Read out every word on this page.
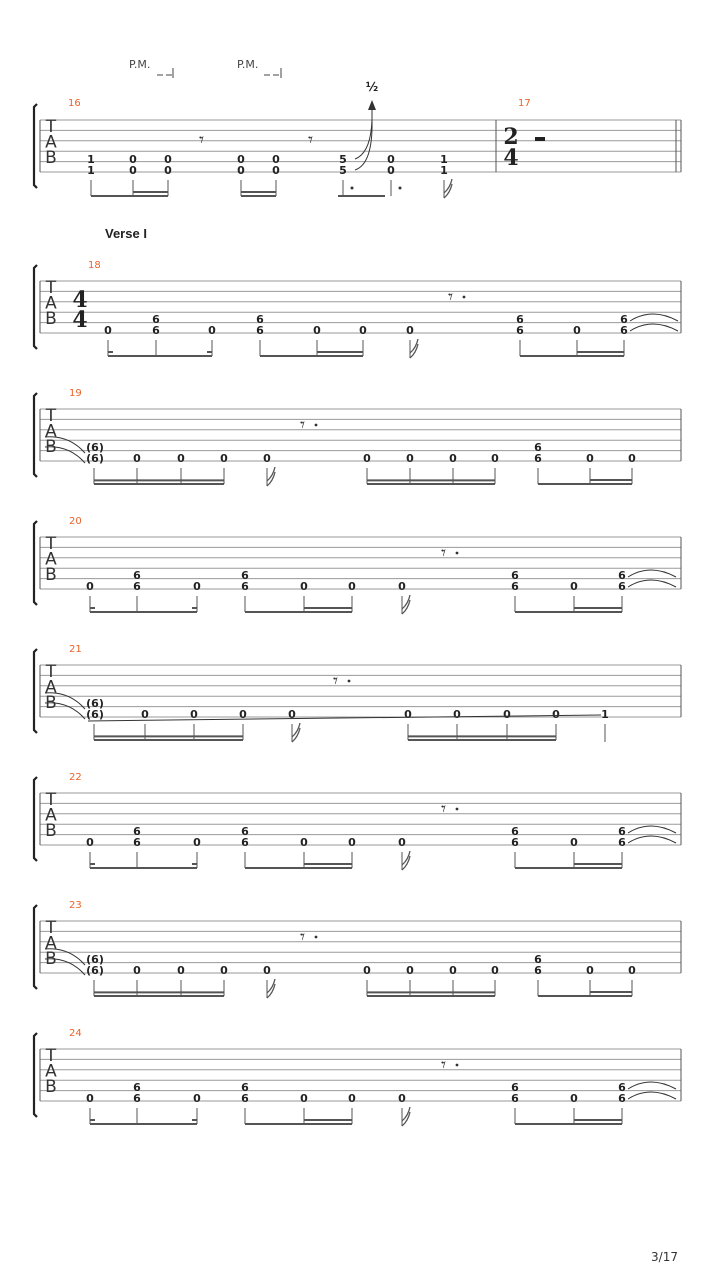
T
A
B
T
A
B
T
A
B
T
A
B
T
A
B
T
A
B
T
A
B
T
A
B
16
1
1
0
0
0
0
0
0
0
0
5
5
0
0
1
1
𝄾	𝄾
P.M.	P.M.
½
17
2
4
18
0
6
6	0
6
6	0	0	0
6
6	0
6
6
𝄾
4
4
19
(6)
(6)	0	0	0	0	0	0	0	0
6
6	0	0
𝄾
20
0
6
6	0
6
6	0	0	0
6
6	0
6
6
𝄾
21
(6)
(6)	0	0	0	0	0	0	0	0	1
𝄾
22
0
6
6	0
6
6	0	0	0
6
6	0
6
6
𝄾
23
(6)
(6)	0	0	0	0	0	0	0	0
6
6	0	0
𝄾
24
0
6
6	0
6
6	0	0	0
6
6	0
6
6
𝄾
Verse I
3/17
